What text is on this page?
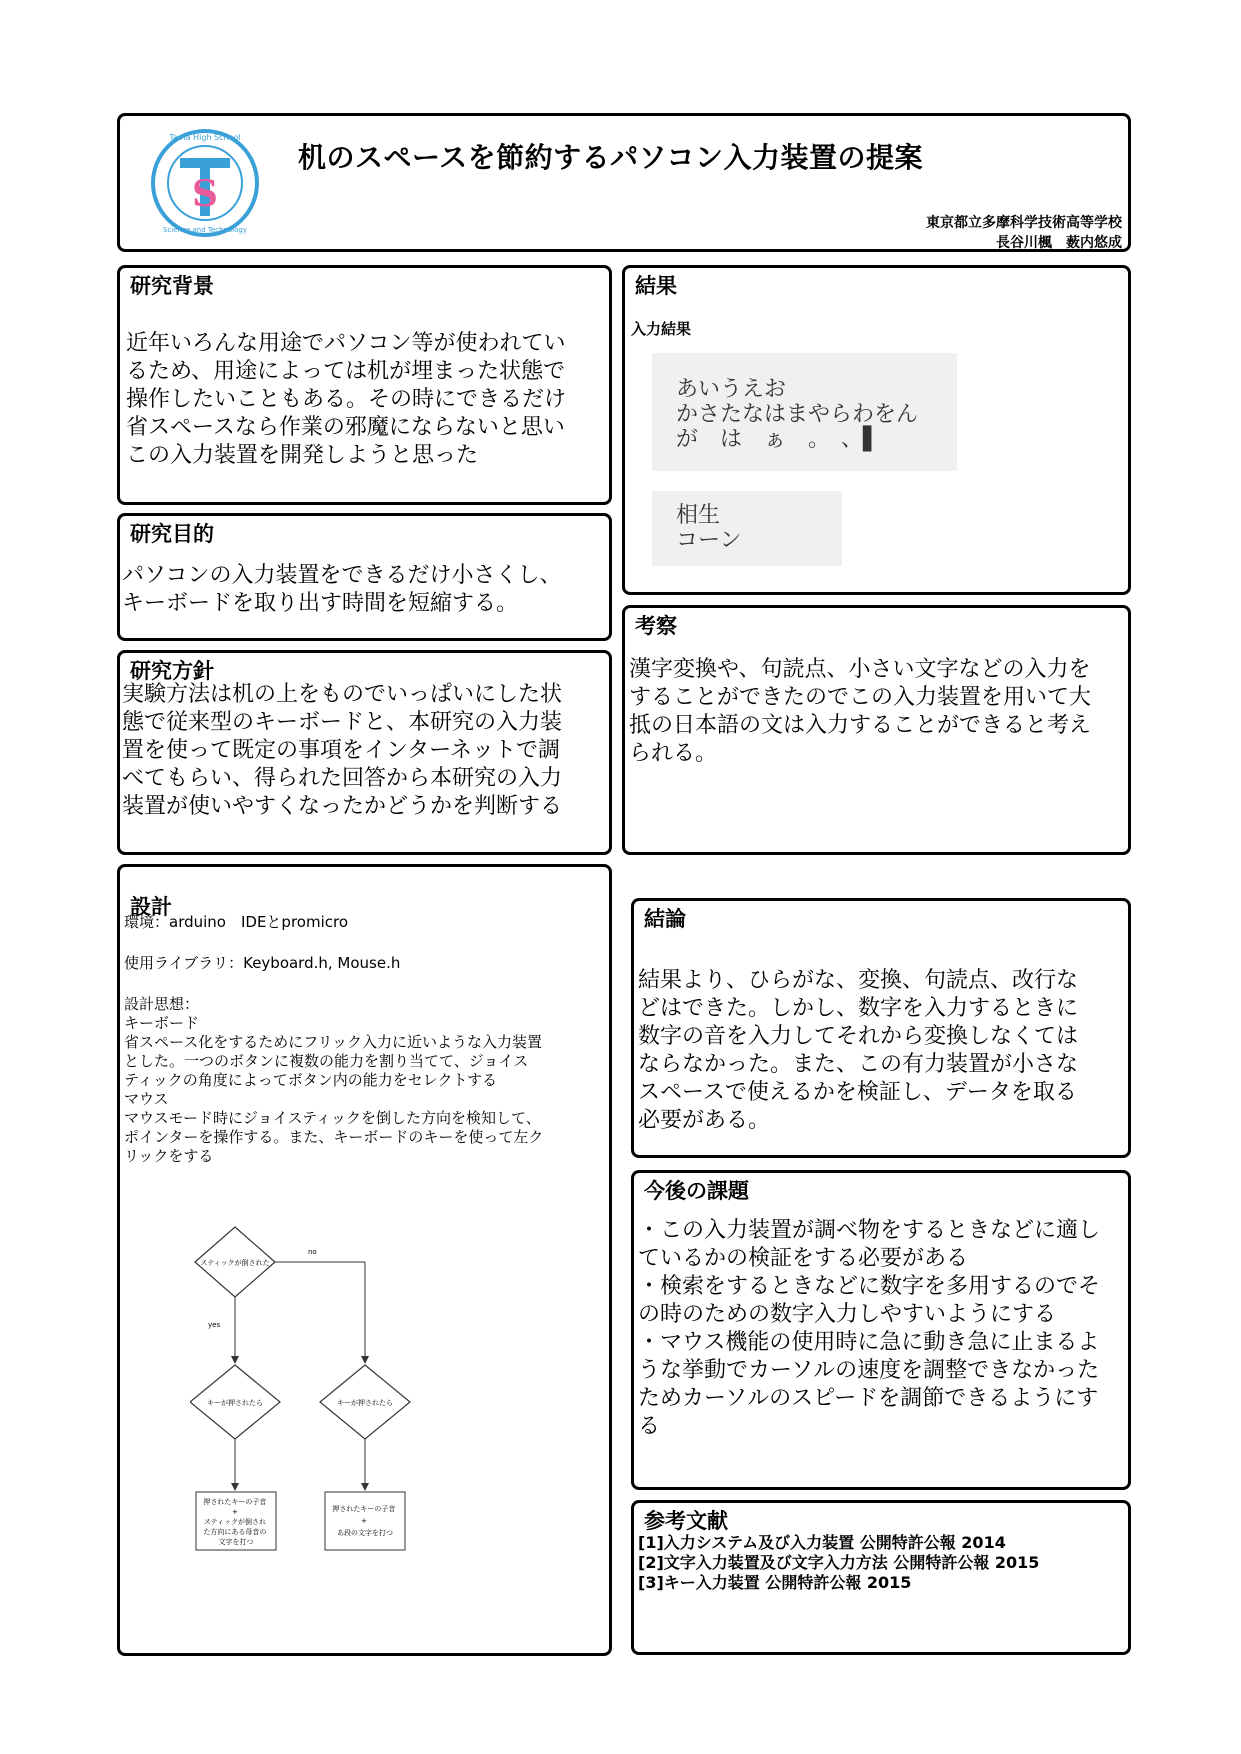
Tama High School
Science and Technology
S
机のスペースを節約するパソコン入力装置の提案
東京都立多摩科学技術高等学校
長谷川楓　薮内悠成
研究背景
近年いろんな用途でパソコン等が使われてい
るため、用途によっては机が埋まった状態で
操作したいこともある。その時にできるだけ
省スペースなら作業の邪魔にならないと思い
この入力装置を開発しようと思った
研究目的
パソコンの入力装置をできるだけ小さくし、
キーボードを取り出す時間を短縮する。
研究方針
実験方法は机の上をものでいっぱいにした状
態で従来型のキーボードと、本研究の入力装
置を使って既定の事項をインターネットで調
べてもらい、得られた回答から本研究の入力
装置が使いやすくなったかどうかを判断する
設計
環境：arduino　IDEとpromicro
使用ライブラリ：Keyboard.h, Mouse.h
設計思想：
キーボード
省スペース化をするためにフリック入力に近いような入力装置
とした。一つのボタンに複数の能力を割り当てて、ジョイス
ティックの角度によってボタン内の能力をセレクトする
マウス
マウスモード時にジョイスティックを倒した方向を検知して、
ポインターを操作する。また、キーボードのキーを使って左ク
リックをする
スティックが倒された
no
yes
キーが押されたら	キーが押されたら
押されたキーの子音 + スティックが倒され た方向にある母音の 文字を打つ
押されたキーの子音 + あ段の文字を打つ
結果
入力結果
あいうえお
かさたなはまやらわをん
が　は　ぁ　。　、▌
相生
コーン
考察
漢字変換や、句読点、小さい文字などの入力を
することができたのでこの入力装置を用いて大
抵の日本語の文は入力することができると考え
られる。
結論
結果より、ひらがな、変換、句読点、改行な
どはできた。しかし、数字を入力するときに
数字の音を入力してそれから変換しなくては
ならなかった。また、この有力装置が小さな
スペースで使えるかを検証し、データを取る
必要がある。
今後の課題
・この入力装置が調べ物をするときなどに適し
ているかの検証をする必要がある
・検索をするときなどに数字を多用するのでそ
の時のための数字入力しやすいようにする
・マウス機能の使用時に急に動き急に止まるよ
うな挙動でカーソルの速度を調整できなかった
ためカーソルのスピードを調節できるようにす
る
参考文献
[1]入力システム及び入力装置 公開特許公報 2014
[2]文字入力装置及び文字入力方法 公開特許公報 2015
[3]キー入力装置 公開特許公報 2015
